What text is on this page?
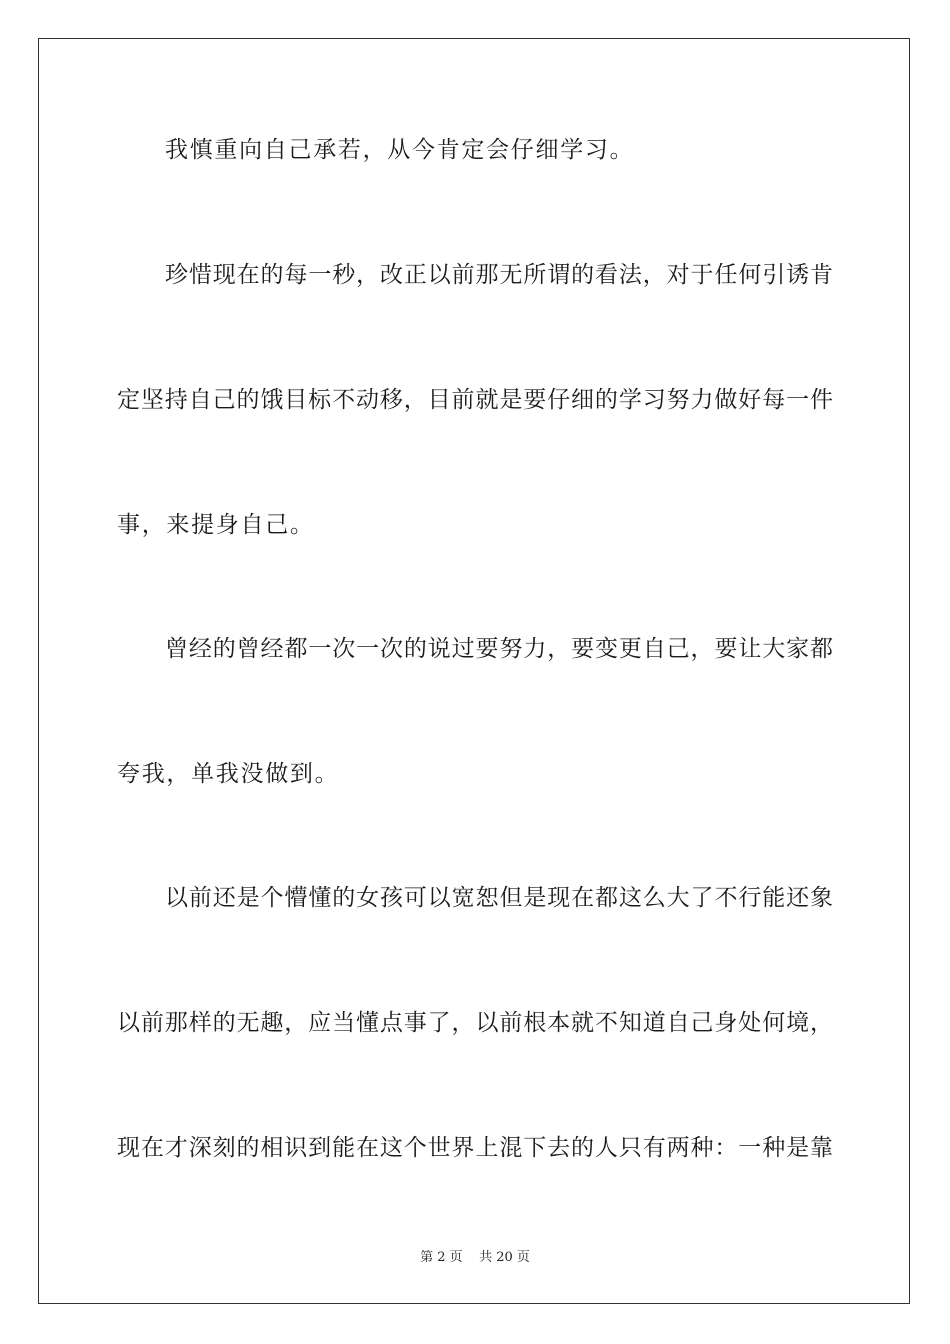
我慎重向自己承若，从今肯定会仔细学习。

珍惜现在的每一秒，改正以前那无所谓的看法，对于任何引诱肯

定坚持自己的饿目标不动移，目前就是要仔细的学习努力做好每一件

事，来提身自己。

曾经的曾经都一次一次的说过要努力，要变更自己，要让大家都

夸我，单我没做到。

以前还是个懵懂的女孩可以宽恕但是现在都这么大了不行能还象

以前那样的无趣，应当懂点事了，以前根本就不知道自己身处何境，

现在才深刻的相识到能在这个世界上混下去的人只有两种：一种是靠

第 2 页    共 20 页
